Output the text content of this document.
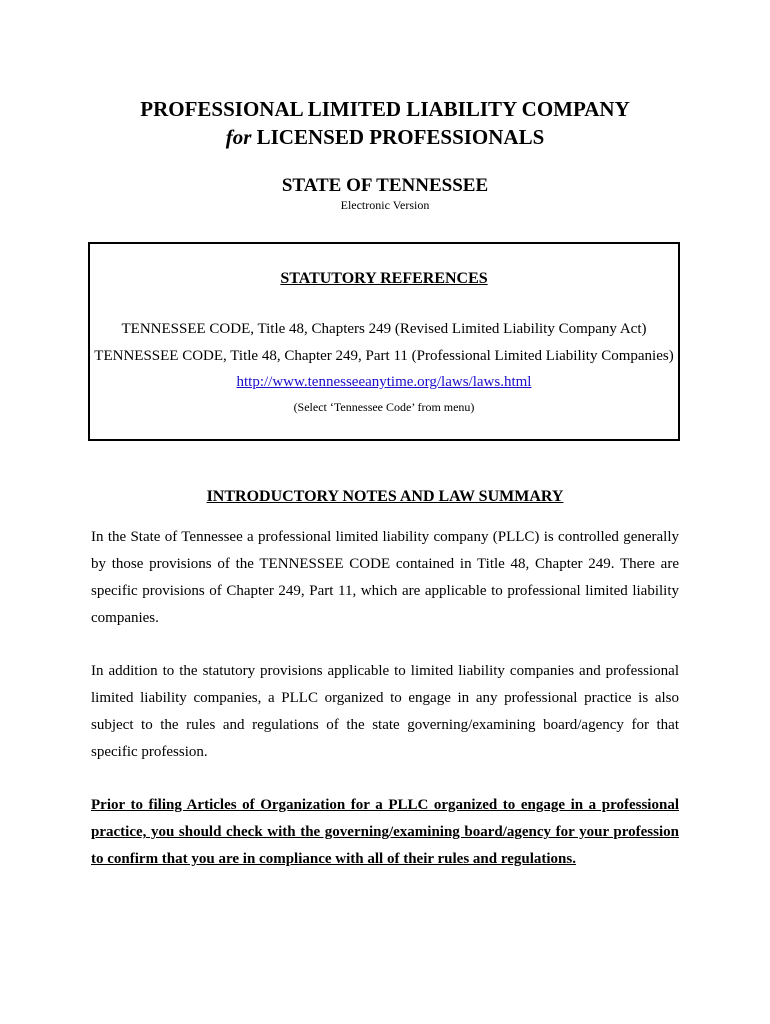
PROFESSIONAL LIMITED LIABILITY COMPANY
for LICENSED PROFESSIONALS
STATE OF TENNESSEE
Electronic Version
STATUTORY REFERENCES
TENNESSEE CODE, Title 48, Chapters 249 (Revised Limited Liability Company Act)
TENNESSEE CODE, Title 48, Chapter 249, Part 11 (Professional Limited Liability Companies)
http://www.tennesseeanytime.org/laws/laws.html
(Select ‘Tennessee Code’ from menu)
INTRODUCTORY NOTES AND LAW SUMMARY

In the State of Tennessee a professional limited liability company (PLLC) is controlled generally by those provisions of the TENNESSEE CODE contained in Title 48, Chapter 249. There are specific provisions of Chapter 249, Part 11, which are applicable to professional limited liability companies.

In addition to the statutory provisions applicable to limited liability companies and professional limited liability companies, a PLLC organized to engage in any professional practice is also subject to the rules and regulations of the state governing/examining board/agency for that specific profession.

Prior to filing Articles of Organization for a PLLC organized to engage in a professional practice, you should check with the governing/examining board/agency for your profession to confirm that you are in compliance with all of their rules and regulations.
